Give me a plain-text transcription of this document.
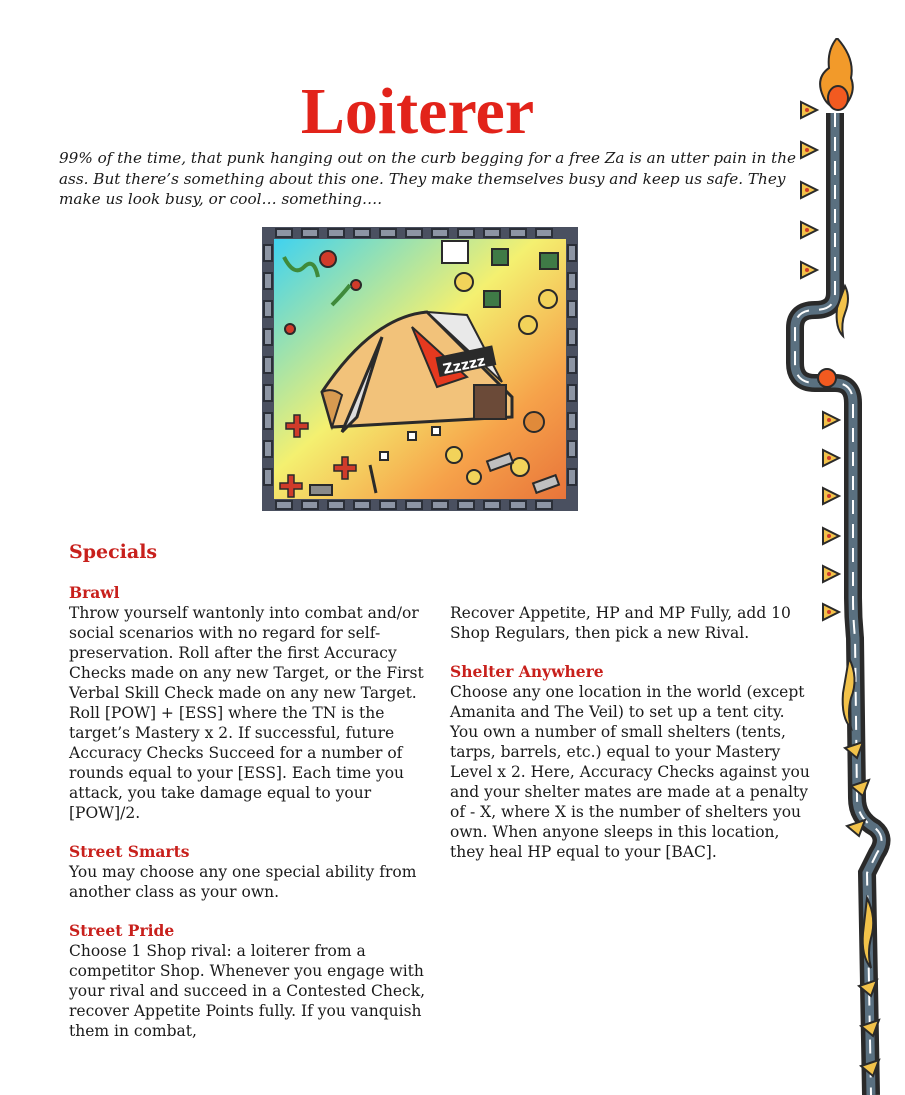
Loiterer

99% of the time, that punk hanging out on the curb begging for a free Za is an utter pain in the ass. But there’s something about this one. They make themselves busy and keep us safe. They make us look busy, or cool… something….

Zzzzz
Specials
Brawl
Throw yourself wantonly into combat and/or social scenarios with no regard for self-preservation. Roll after the first Accuracy Checks made on any new Target, or the First Verbal Skill Check made on any new Target. Roll [POW] + [ESS] where the TN is the target’s Mastery x 2. If successful, future Accuracy Checks Succeed for a number of rounds equal to your [ESS]. Each time you attack, you take damage equal to your [POW]/2.
Street Smarts
You may choose any one special ability from another class as your own.
Street Pride
Choose 1 Shop rival: a loiterer from a competitor Shop. Whenever you engage with your rival and succeed in a Contested Check, recover Appetite Points fully. If you vanquish them in combat,
Recover Appetite, HP and MP Fully, add 10 Shop Regulars, then pick a new Rival.
Shelter Anywhere
Choose any one location in the world (except Amanita and The Veil) to set up a tent city. You own a number of small shelters (tents, tarps, barrels, etc.) equal to your Mastery Level x 2. Here, Accuracy Checks against you and your shelter mates are made at a penalty of - X, where X is the number of shelters you own. When anyone sleeps in this location, they heal HP equal to your [BAC].
